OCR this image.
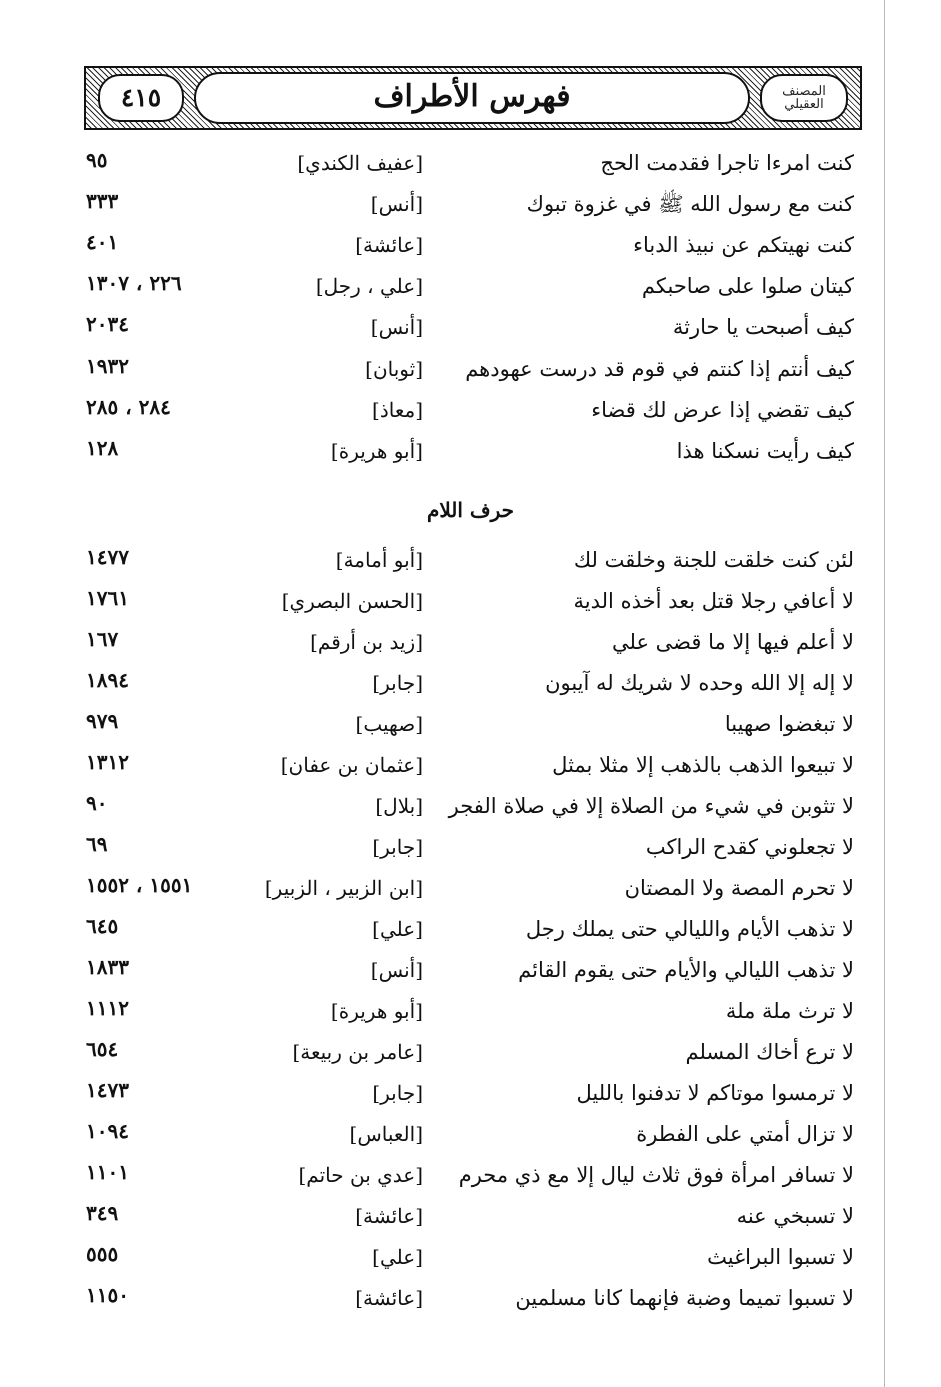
فهرس الأطراف
٤١٥	المصنف العقيلي
حرف اللام
كنت امرءا تاجرا فقدمت الحج
[عفيف الكندي]
٩٥
كنت مع رسول الله ﷺ في غزوة تبوك
[أنس]
٣٣٣
كنت نهيتكم عن نبيذ الدباء
[عائشة]
٤٠١
كيتان صلوا على صاحبكم
[علي ، رجل]
٢٢٦ ، ١٣٠٧
كيف أصبحت يا حارثة
[أنس]
٢٠٣٤
كيف أنتم إذا كنتم في قوم قد درست عهودهم
[ثوبان]
١٩٣٢
كيف تقضي إذا عرض لك قضاء
[معاذ]
٢٨٤ ، ٢٨٥
كيف رأيت نسكنا هذا
[أبو هريرة]
١٢٨
لئن كنت خلقت للجنة وخلقت لك
[أبو أمامة]
١٤٧٧
لا أعافي رجلا قتل بعد أخذه الدية
[الحسن البصري]
١٧٦١
لا أعلم فيها إلا ما قضى علي
[زيد بن أرقم]
١٦٧
لا إله إلا الله وحده لا شريك له آيبون
[جابر]
١٨٩٤
لا تبغضوا صهيبا
[صهيب]
٩٧٩
لا تبيعوا الذهب بالذهب إلا مثلا بمثل
[عثمان بن عفان]
١٣١٢
لا تثوبن في شيء من الصلاة إلا في صلاة الفجر
[بلال]
٩٠
لا تجعلوني كقدح الراكب
[جابر]
٦٩
لا تحرم المصة ولا المصتان
[ابن الزبير ، الزبير]
١٥٥١ ، ١٥٥٢
لا تذهب الأيام والليالي حتى يملك رجل
[علي]
٦٤٥
لا تذهب الليالي والأيام حتى يقوم القائم
[أنس]
١٨٣٣
لا ترث ملة ملة
[أبو هريرة]
١١١٢
لا ترع أخاك المسلم
[عامر بن ربيعة]
٦٥٤
لا ترمسوا موتاكم لا تدفنوا بالليل
[جابر]
١٤٧٣
لا تزال أمتي على الفطرة
[العباس]
١٠٩٤
لا تسافر امرأة فوق ثلاث ليال إلا مع ذي محرم
[عدي بن حاتم]
١١٠١
لا تسبخي عنه
[عائشة]
٣٤٩
لا تسبوا البراغيث
[علي]
٥٥٥
لا تسبوا تميما وضبة فإنهما كانا مسلمين
[عائشة]
١١٥٠
